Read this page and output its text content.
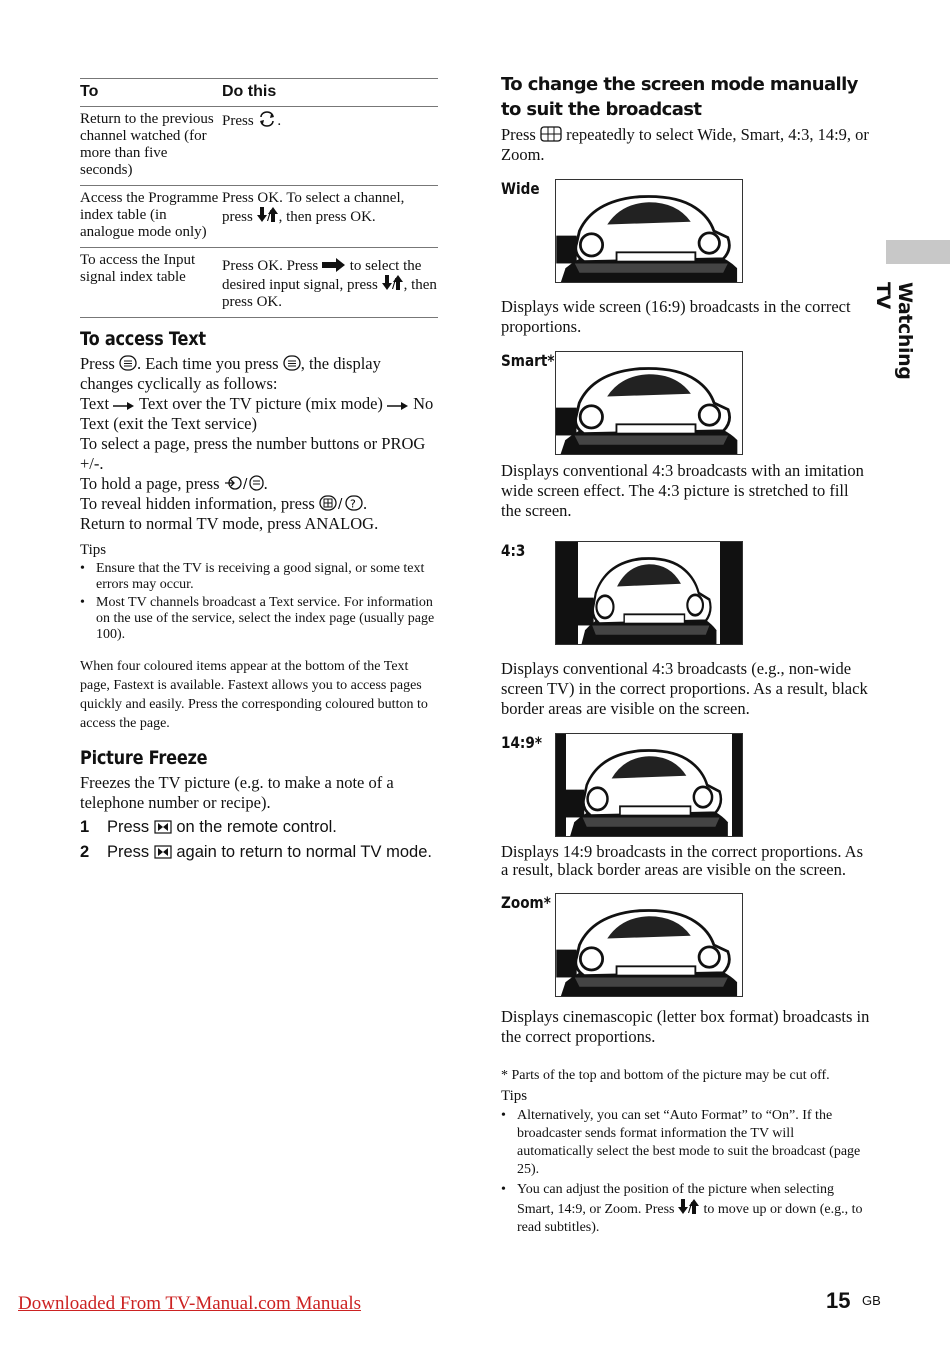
To	Do this
Return to the previous channel watched (for more than five seconds)	Press .
Access the Programme index table (in analogue mode only)	Press OK. To select a channel, press / , then press OK.
To access the Input signal index table	Press OK. Press to select the desired input signal, press / , then press OK.
To access Text

Press . Each time you press , the display changes cyclically as follows:

Text Text over the TV picture (mix mode) No Text (exit the Text service)

To select a page, press the number buttons or PROG +/-.

To hold a page, press / .

To reveal hidden information, press / ? .

Return to normal TV mode, press ANALOG.

Tips
• Ensure that the TV is receiving a good signal, or some text errors may occur.
• Most TV channels broadcast a Text service. For information on the use of the service, select the index page (usually page 100).

When four coloured items appear at the bottom of the Text page, Fastext is available. Fastext allows you to access pages quickly and easily. Press the corresponding coloured button to access the page.

Picture Freeze

Freezes the TV picture (e.g. to make a note of a telephone number or recipe).

1 Press on the remote control.
2 Press again to return to normal TV mode.
To change the screen mode manually to suit the broadcast

Press repeatedly to select Wide, Smart, 4:3, 14:9, or Zoom.

Wide

Displays wide screen (16:9) broadcasts in the correct proportions.

Smart*

Displays conventional 4:3 broadcasts with an imitation wide screen effect. The 4:3 picture is stretched to fill the screen.

4:3

Displays conventional 4:3 broadcasts (e.g., non-wide screen TV) in the correct proportions. As a result, black border areas are visible on the screen.

14:9*

Displays 14:9 broadcasts in the correct proportions. As a result, black border areas are visible on the screen.

Zoom*

Displays cinemascopic (letter box format) broadcasts in the correct proportions.

* Parts of the top and bottom of the picture may be cut off.

Tips
• Alternatively, you can set “Auto Format” to “On”. If the broadcaster sends format information the TV will automatically select the best mode to suit the broadcast (page 25).
• You can adjust the position of the picture when selecting Smart, 14:9, or Zoom. Press / to move up or down (e.g., to read subtitles).
Watching TV
Downloaded From TV-Manual.com Manuals	15 GB
